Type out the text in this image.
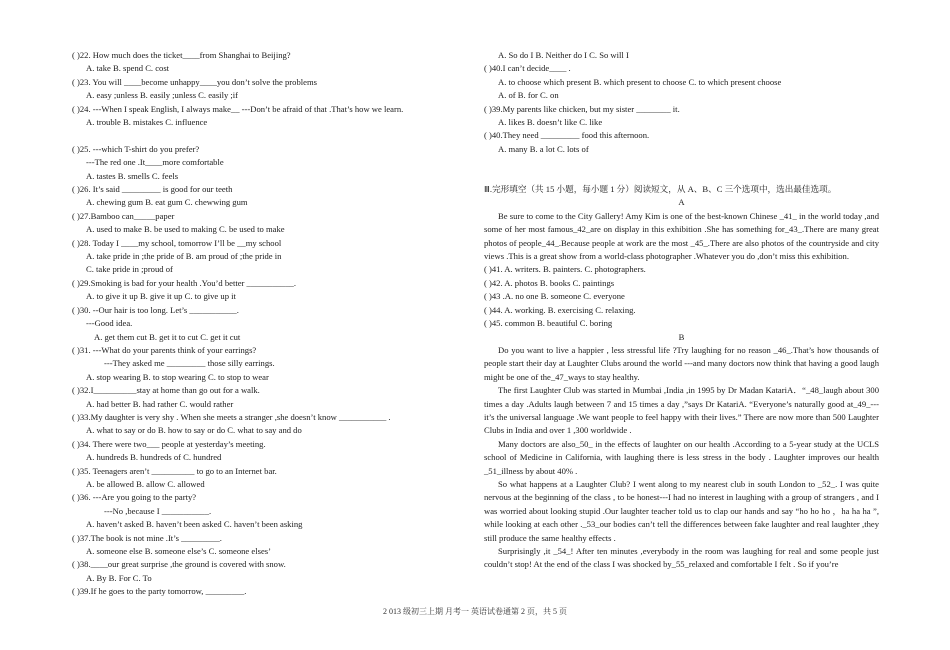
( )22. How much does the ticket____from Shanghai to Beijing?
A. take B. spend C. cost
( )23. You will ____become unhappy____you don’t solve the problems
A. easy ;unless B. easily ;unless C. easily ;if
( )24. ---When I speak English, I always make__ ---Don’t be afraid of that .That’s how we learn.
A. trouble B. mistakes C. influence
( )25. ---which T-shirt do you prefer?
---The red one .It____more comfortable
A. tastes B. smells C. feels
( )26. It’s said _________ is good for our teeth
A. chewing gum B. eat gum C. chewwing gum
( )27.Bamboo can_____paper
A. used to make B. be used to making C. be used to make
( )28. Today I ____my school, tomorrow I’ll be __my school
A. take pride in ;the pride of B. am proud of ;the pride in
C. take pride in ;proud of
( )29.Smoking is bad for your health .You’d better ___________.
A. to give it up B. give it up C. to give up it
( )30. --Our hair is too long. Let’s ___________.
---Good idea.
A. get them cut B. get it to cut C. get it cut
( )31. ---What do your parents think of your earrings?
---They asked me _________ those silly earrings.
A. stop wearing B. to stop wearing C. to stop to wear
( )32.I__________stay at home than go out for a walk.
A. had better B. had rather C. would rather
( )33.My daughter is very shy . When she meets a stranger ,she doesn’t know ___________ .
A. what to say or do B. how to say or do C. what to say and do
( )34. There were two___ people at yesterday’s meeting.
A. hundreds B. hundreds of C. hundred
( )35. Teenagers aren’t __________ to go to an Internet bar.
A. be allowed B. allow C. allowed
( )36. ---Are you going to the party?
---No ,because I ___________.
A. haven’t asked B. haven’t been asked C. haven’t been asking
( )37.The book is not mine .It’s _________.
A. someone else B. someone else’s C. someone elses’
( )38.____our great surprise ,the ground is covered with snow.
A. By B. For C. To
( )39.If he goes to the party tomorrow, _________.
A. So do I B. Neither do I C. So will I
( )40.I can’t decide____ .
A. to choose which present B. which present to choose C. to which present choose
A. of B. for C. on
( )39.My parents like chicken, but my sister ________ it.
A. likes B. doesn’t like C. like
( )40.They need _________ food this afternoon.
A. many B. a lot C. lots of
Ⅲ.完形填空（共 15 小题，每小题 1 分）阅读短文，从 A、B、C 三个选项中，选出最佳选项。
A

Be sure to come to the City Gallery! Amy Kim is one of the best-known Chinese _41_ in the world today ,and some of her most famous_42_are on display in this exhibition .She has something for_43_.There are many great photos of people_44_.Because people at work are the most _45_.There are also photos of the countryside and city views .This is a great show from a world-class photographer .Whatever you do ,don’t miss this exhibition.

( )41. A. writers. B. painters. C. photographers.
( )42. A. photos B. books C. paintings
( )43 .A. no one B. someone C. everyone
( )44. A. working. B. exercising C. relaxing.
( )45. common B. beautiful C. boring
B

Do you want to live a happier , less stressful life ?Try laughing for no reason _46_.That’s how thousands of people start their day at Laughter Clubs around the world ---and many doctors now think that having a good laugh might be one of the_47_ways to stay healthy.

The first Laughter Club was started in Mumbai ,India ,in 1995 by Dr Madan KatariA．“_48_laugh about 300 times a day .Adults laugh between 7 and 15 times a day ,”says Dr KatariA. “Everyone’s naturally good at_49_---it’s the universal language .We want people to feel happy with their lives.” There are now more than 500 Laughter Clubs in India and over 1 ,300 worldwide .

Many doctors are also_50_ in the effects of laughter on our health .According to a 5-year study at the UCLS school of Medicine in California, with laughing there is less stress in the body . Laughter improves our health _51_illness by about 40% .

So what happens at a Laughter Club? I went along to my nearest club in south London to _52_. I was quite nervous at the beginning of the class , to be honest---I had no interest in laughing with a group of strangers , and I was worried about looking stupid .Our laughter teacher told us to clap our hands and say “ho ho ho ，ha ha ha ”, while looking at each other ._53_our bodies can’t tell the differences between fake laughter and real laughter ,they still produce the same healthy effects .

Surprisingly ,it _54_! After ten minutes ,everybody in the room was laughing for real and some people just couldn’t stop! At the end of the class I was shocked by_55_relaxed and comfortable I felt . So if you’re

2 013 级初三上期 月考一 英语试卷通第 2 页，共 5 页
